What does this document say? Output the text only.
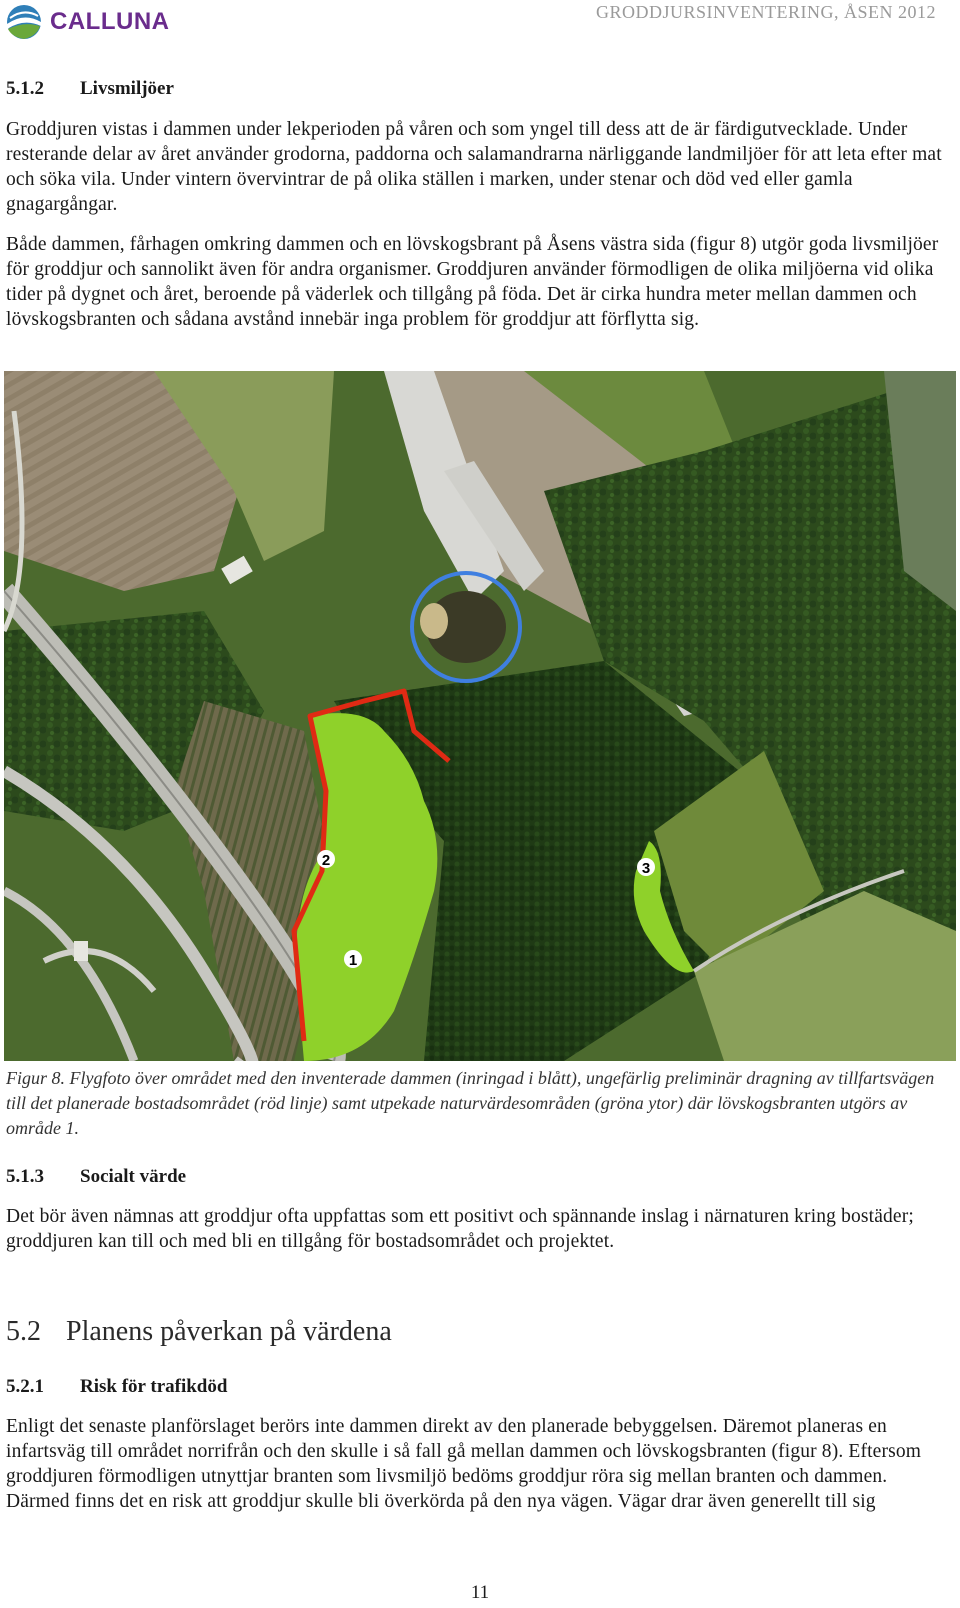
CALLUNA	GRODDJURSINVENTERING, ÅSEN 2012
5.1.2 Livsmiljöer

Groddjuren vistas i dammen under lekperioden på våren och som yngel till dess att de är färdigutvecklade. Under resterande delar av året använder grodorna, paddorna och salamandrarna närliggande landmiljöer för att leta efter mat och söka vila. Under vintern övervintrar de på olika ställen i marken, under stenar och död ved eller gamla gnagargångar.

Både dammen, fårhagen omkring dammen och en lövskogsbrant på Åsens västra sida (figur 8) utgör goda livsmiljöer för groddjur och sannolikt även för andra organismer. Groddjuren använder förmodligen de olika miljöerna vid olika tider på dygnet och året, beroende på väderlek och tillgång på föda. Det är cirka hundra meter mellan dammen och lövskogsbranten och sådana avstånd innebär inga problem för groddjur att förflytta sig.

1
2	3

Figur 8. Flygfoto över området med den inventerade dammen (inringad i blått), ungefärlig preliminär dragning av tillfartsvägen till det planerade bostadsområdet (röd linje) samt utpekade naturvärdesområden (gröna ytor) där lövskogsbranten utgörs av område 1.

5.1.3 Socialt värde

Det bör även nämnas att groddjur ofta uppfattas som ett positivt och spännande inslag i närnaturen kring bostäder; groddjuren kan till och med bli en tillgång för bostadsområdet och projektet.

5.2 Planens påverkan på värdena
5.2.1 Risk för trafikdöd

Enligt det senaste planförslaget berörs inte dammen direkt av den planerade bebyggelsen. Däremot planeras en infartsväg till området norrifrån och den skulle i så fall gå mellan dammen och lövskogsbranten (figur 8). Eftersom groddjuren förmodligen utnyttjar branten som livsmiljö bedöms groddjur röra sig mellan branten och dammen. Därmed finns det en risk att groddjur skulle bli överkörda på den nya vägen. Vägar drar även generellt till sig

11
